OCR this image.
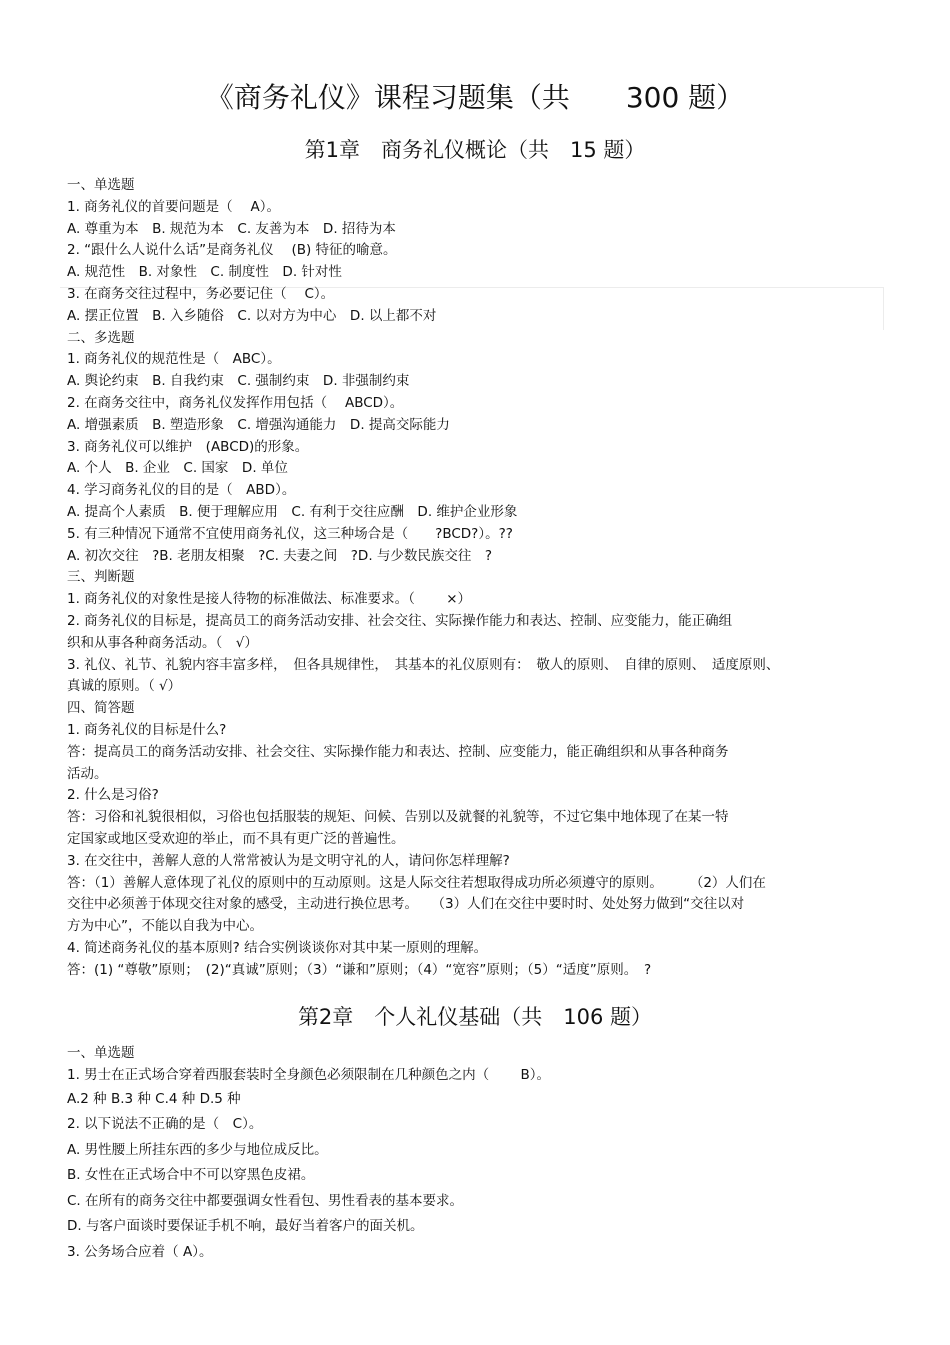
《商务礼仪》课程习题集（共　　300 题）
第1章　商务礼仪概论（共　15 题）
一、单选题
1. 商务礼仪的首要问题是（　 A）。
A. 尊重为本　B. 规范为本　C. 友善为本　D. 招待为本
2. “跟什么人说什么话”是商务礼仪　 (B) 特征的喻意。
A. 规范性　B. 对象性　C. 制度性　D. 针对性
3. 在商务交往过程中，务必要记住（　 C）。
A. 摆正位置　B. 入乡随俗　C. 以对方为中心　D. 以上都不对
二、多选题
1. 商务礼仪的规范性是（　ABC）。
A. 舆论约束　B. 自我约束　C. 强制约束　D. 非强制约束
2. 在商务交往中，商务礼仪发挥作用包括（　 ABCD）。
A. 增强素质　B. 塑造形象　C. 增强沟通能力　D. 提高交际能力
3. 商务礼仪可以维护　(ABCD)的形象。
A. 个人　B. 企业　C. 国家　D. 单位
4. 学习商务礼仪的目的是（　ABD）。
A. 提高个人素质　B. 便于理解应用　C. 有利于交往应酬　D. 维护企业形象
5. 有三种情况下通常不宜使用商务礼仪，这三种场合是（　　?BCD?）。??
A. 初次交往　?B. 老朋友相聚　?C. 夫妻之间　?D. 与少数民族交往　?
三、判断题
1. 商务礼仪的对象性是接人待物的标准做法、标准要求。（　　 ×）
2. 商务礼仪的目标是，提高员工的商务活动安排、社会交往、实际操作能力和表达、控制、应变能力，能正确组
织和从事各种商务活动。（　√）
3. 礼仪、礼节、礼貌内容丰富多样，　但各具规律性，　其基本的礼仪原则有：　敬人的原则、　自律的原则、　适度原则、
真诚的原则。（ √）
四、简答题
1. 商务礼仪的目标是什么?
答：提高员工的商务活动安排、社会交往、实际操作能力和表达、控制、应变能力，能正确组织和从事各种商务
活动。
2. 什么是习俗?
答：习俗和礼貌很相似，习俗也包括服装的规矩、问候、告别以及就餐的礼貌等，不过它集中地体现了在某一特
定国家或地区受欢迎的举止，而不具有更广泛的普遍性。
3. 在交往中，善解人意的人常常被认为是文明守礼的人，请问你怎样理解?
答：（1）善解人意体现了礼仪的原则中的互动原则。这是人际交往若想取得成功所必须遵守的原则。　　　（2）人们在
交往中必须善于体现交往对象的感受，主动进行换位思考。　　（3）人们在交往中要时时、处处努力做到“交往以对
方为中心”，不能以自我为中心。
4. 简述商务礼仪的基本原则? 结合实例谈谈你对其中某一原则的理解。
答：(1) “尊敬”原则；　(2)“真诚”原则；（3）“谦和”原则；（4）“宽容”原则；（5）“适度”原则。　?
第2章　个人礼仪基础（共　106 题）
一、单选题
1. 男士在正式场合穿着西服套装时全身颜色必须限制在几种颜色之内（　　 B）。
A.2 种 B.3 种 C.4 种 D.5 种
2. 以下说法不正确的是（　C）。
A. 男性腰上所挂东西的多少与地位成反比。
B. 女性在正式场合中不可以穿黑色皮裙。
C. 在所有的商务交往中都要强调女性看包、男性看表的基本要求。
D. 与客户面谈时要保证手机不响，最好当着客户的面关机。
3. 公务场合应着（ A）。
